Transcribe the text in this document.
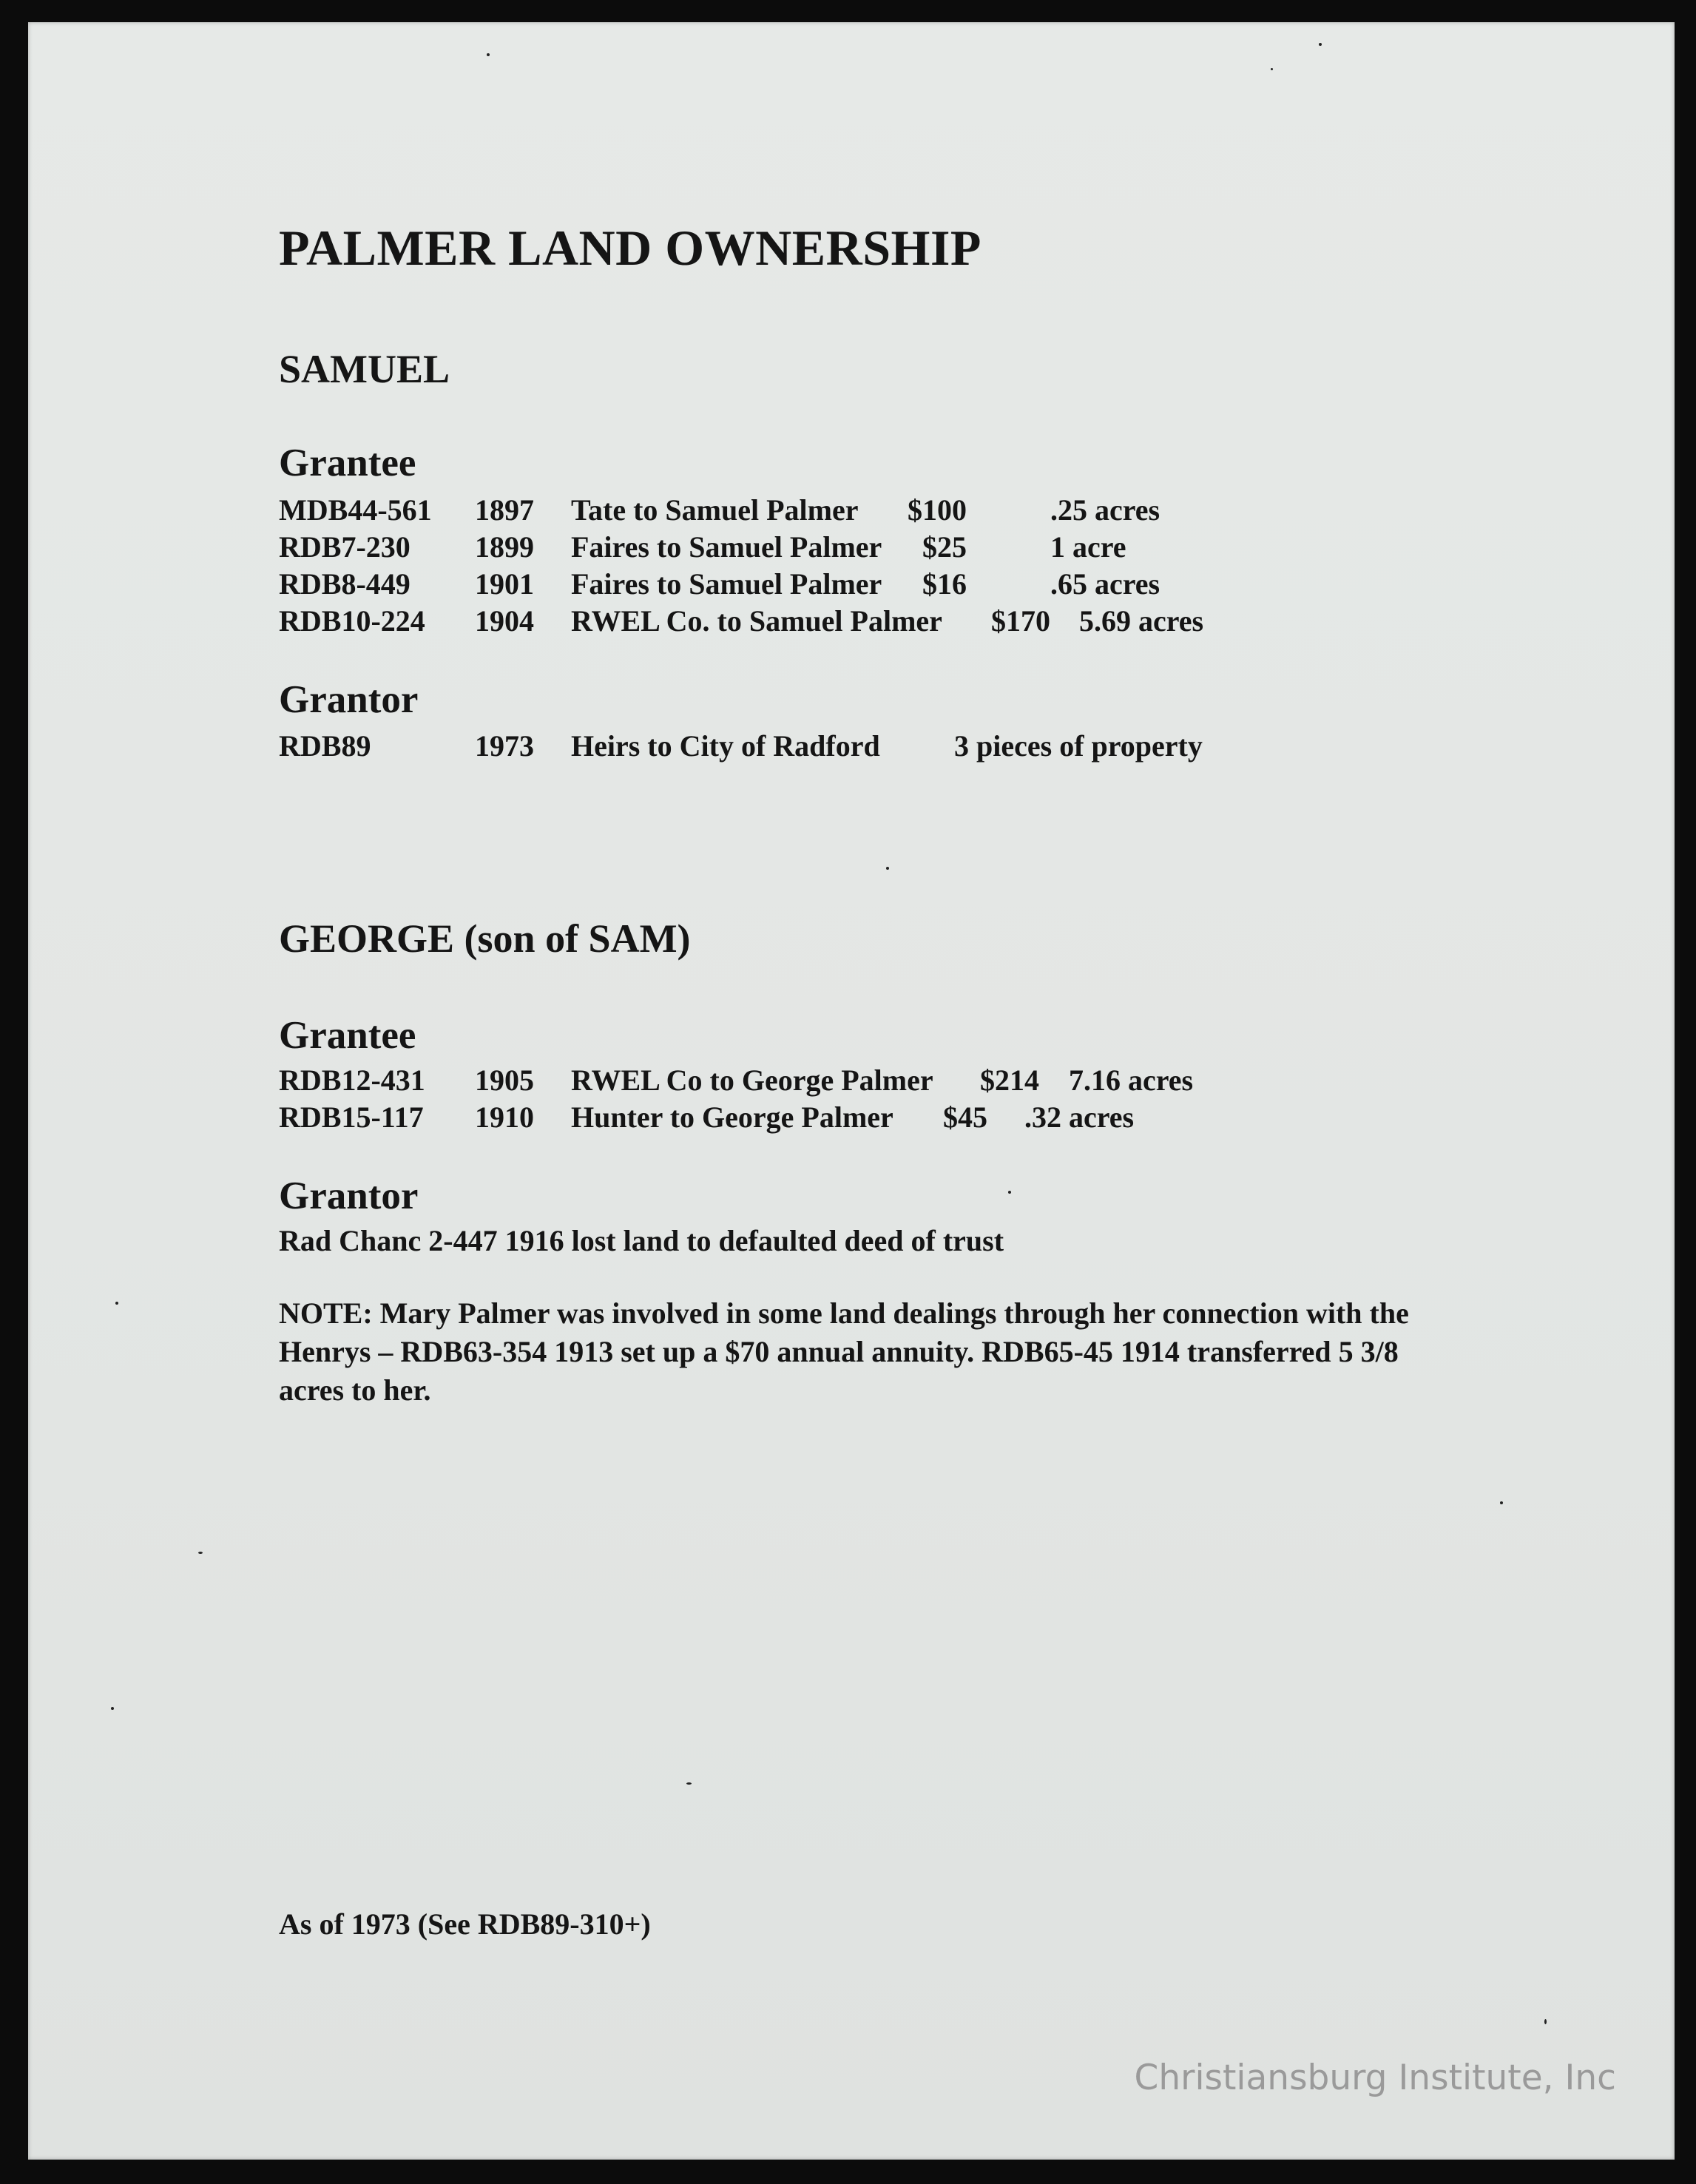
PALMER LAND OWNERSHIP
SAMUEL
Grantee
MDB44-561 1897 Tate to Samuel Palmer $100	.25 acres
RDB7-230 1899 Faires to Samuel Palmer $25	1 acre
RDB8-449 1901 Faires to Samuel Palmer $16	.65 acres
RDB10-224 1904 RWEL Co. to Samuel Palmer $170 5.69 acres
Grantor
RDB89	1973 Heirs to City of Radford	3 pieces of property
GEORGE (son of SAM)
Grantee
RDB12-431 1905 RWEL Co to George Palmer $214 7.16 acres
RDB15-117 1910 Hunter to George Palmer $45 .32 acres
Grantor
Rad Chanc 2-447 1916 lost land to defaulted deed of trust
NOTE: Mary Palmer was involved in some land dealings through her connection with the
Henrys – RDB63-354 1913 set up a $70 annual annuity. RDB65-45 1914 transferred 5 3/8
acres to her.
As of 1973 (See RDB89-310+)
Christiansburg Institute, Inc
